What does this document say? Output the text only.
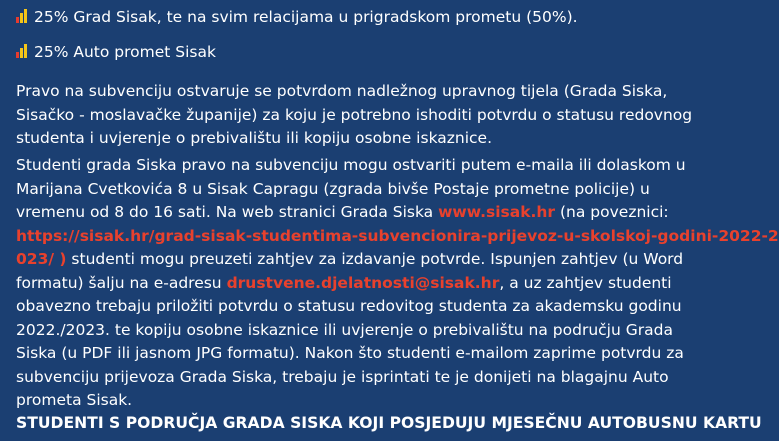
25% Grad Sisak, te na svim relacijama u prigradskom prometu (50%).
25% Auto promet Sisak

Pravo na subvenciju ostvaruje se potvrdom nadležnog upravnog tijela (Grada Siska,
Sisačko - moslavačke županije) za koju je potrebno ishoditi potvrdu o statusu redovnog
studenta i uvjerenje o prebivalištu ili kopiju osobne iskaznice.

Studenti grada Siska pravo na subvenciju mogu ostvariti putem e-maila ili dolaskom u
Marijana Cvetkovića 8 u Sisak Capragu (zgrada bivše Postaje prometne policije) u
vremenu od 8 do 16 sati. Na web stranici Grada Siska www.sisak.hr (na poveznici:
https://sisak.hr/grad-sisak-studentima-subvencionira-prijevoz-u-skolskoj-godini-2022-2
023/ ) studenti mogu preuzeti zahtjev za izdavanje potvrde. Ispunjen zahtjev (u Word
formatu) šalju na e-adresu drustvene.djelatnosti@sisak.hr, a uz zahtjev studenti
obavezno trebaju priložiti potvrdu o statusu redovitog studenta za akademsku godinu
2022./2023. te kopiju osobne iskaznice ili uvjerenje o prebivalištu na području Grada
Siska (u PDF ili jasnom JPG formatu). Nakon što studenti e-mailom zaprime potvrdu za
subvenciju prijevoza Grada Siska, trebaju je isprintati te je donijeti na blagajnu Auto
prometa Sisak.

STUDENTI S PODRUČJA GRADA SISKA KOJI POSJEDUJU MJESEČNU AUTOBUSNU KARTU
